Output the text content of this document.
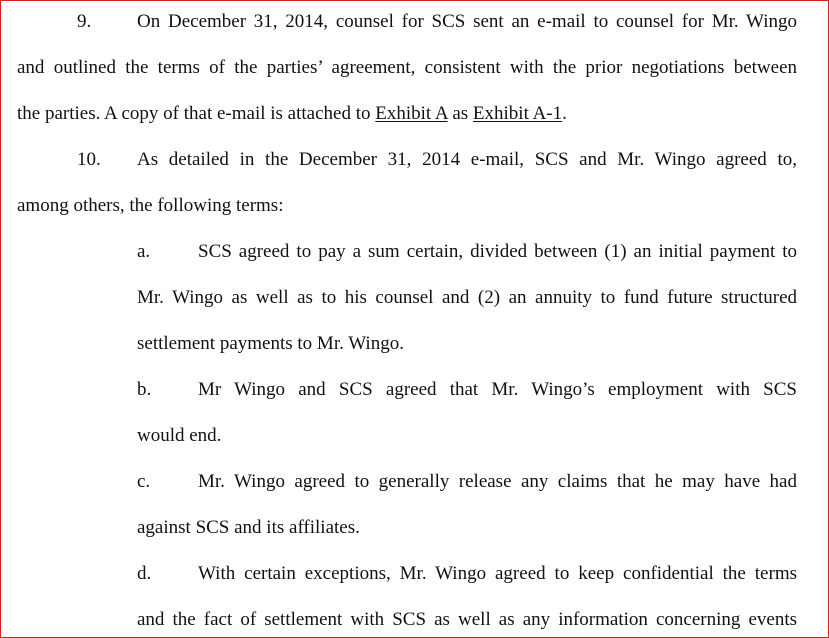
9. On December 31, 2014, counsel for SCS sent an e-mail to counsel for Mr. Wingo
and outlined the terms of the parties’ agreement, consistent with the prior negotiations between
the parties. A copy of that e-mail is attached to Exhibit A as Exhibit A-1.
10. As detailed in the December 31, 2014 e-mail, SCS and Mr. Wingo agreed to,
among others, the following terms:
a.	SCS agreed to pay a sum certain, divided between (1) an initial payment to
Mr. Wingo as well as to his counsel and (2) an annuity to fund future structured
settlement payments to Mr. Wingo.
b. Mr Wingo and SCS agreed that Mr. Wingo’s employment with SCS
would end.
c.	Mr. Wingo agreed to generally release any claims that he may have had
against SCS and its affiliates.
d. With certain exceptions, Mr. Wingo agreed to keep confidential the terms
and the fact of settlement with SCS as well as any information concerning events
